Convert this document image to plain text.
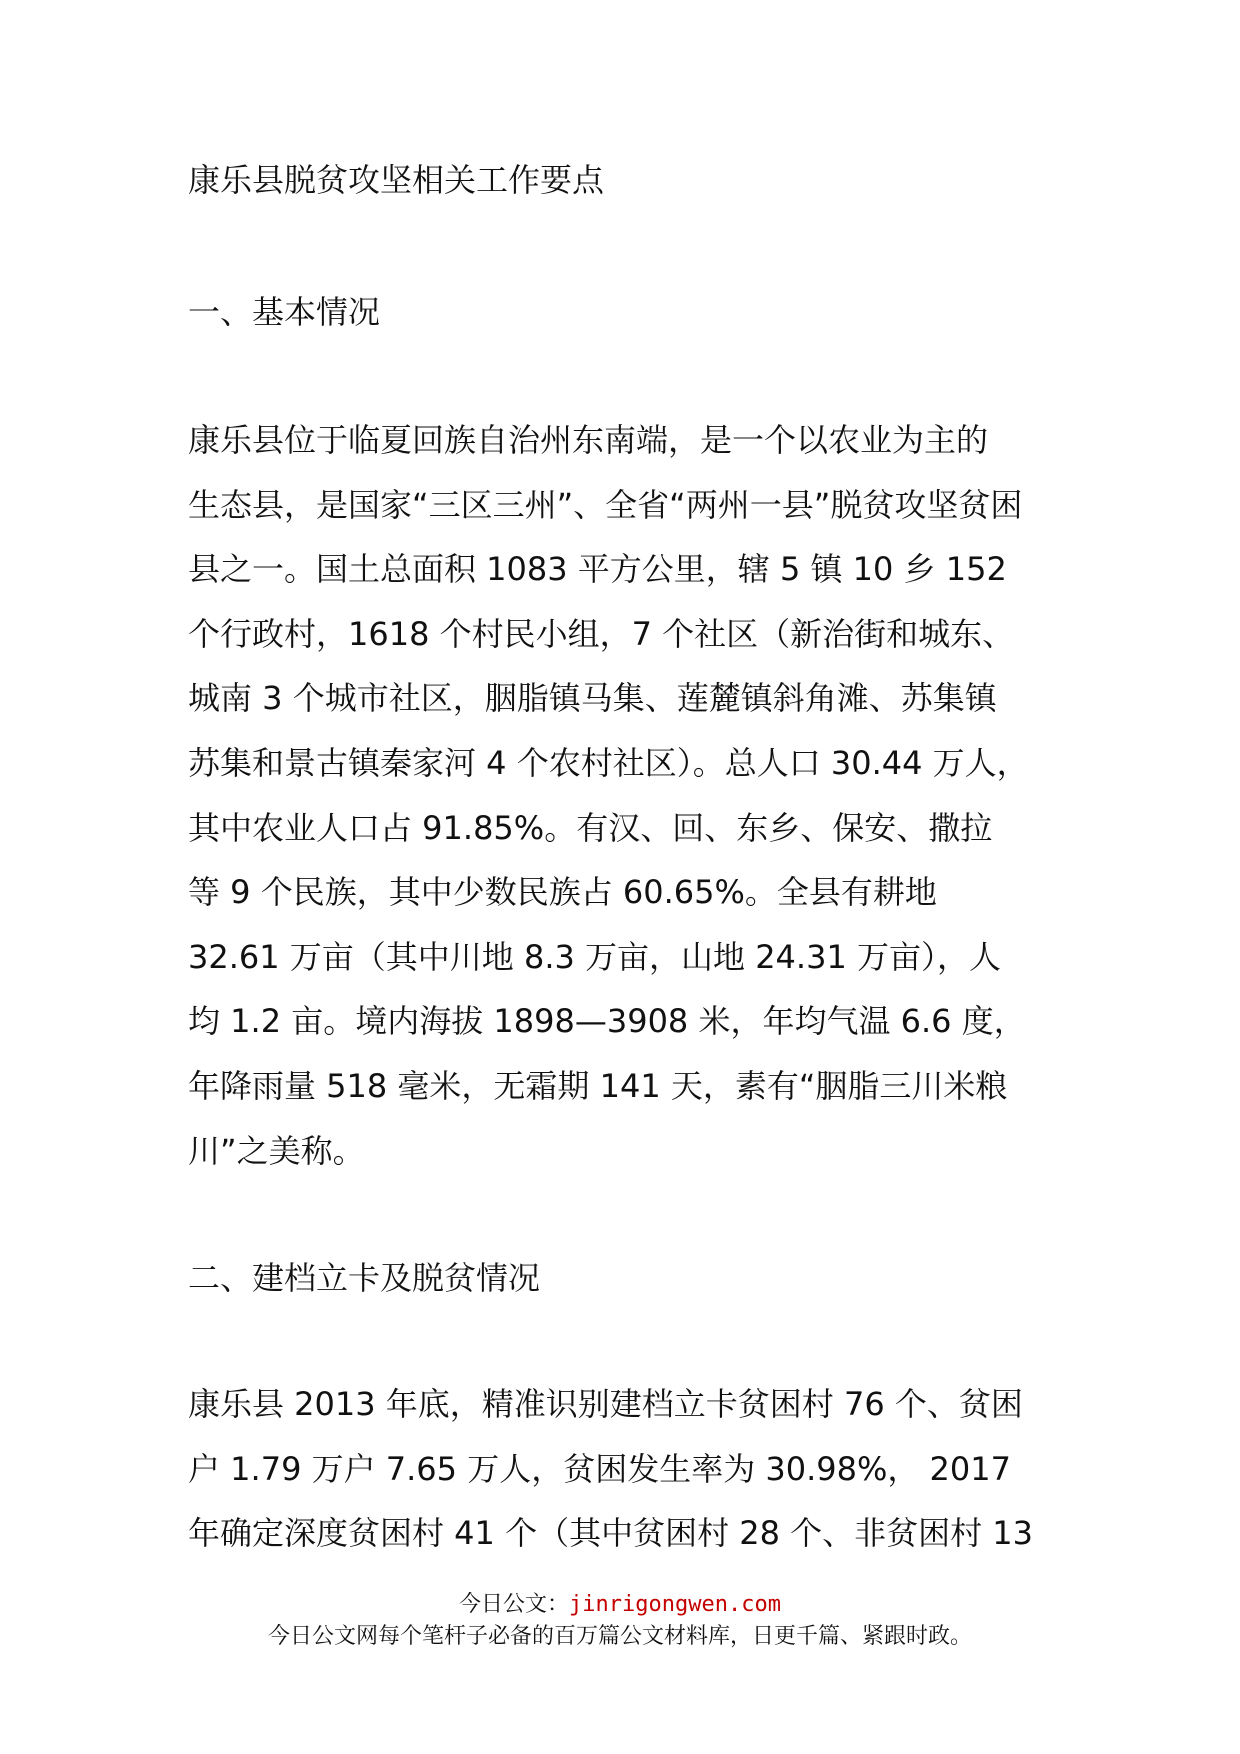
康乐县脱贫攻坚相关工作要点
一、基本情况
康乐县位于临夏回族自治州东南端，是一个以农业为主的
生态县，是国家“三区三州”、全省“两州一县”脱贫攻坚贫困
县之一。国土总面积 1083 平方公里，辖 5 镇 10 乡 152
个行政村，1618 个村民小组，7 个社区（新治街和城东、
城南 3 个城市社区，胭脂镇马集、莲麓镇斜角滩、苏集镇
苏集和景古镇秦家河 4 个农村社区）。总人口 30.44 万人，
其中农业人口占 91.85%。有汉、回、东乡、保安、撒拉
等 9 个民族，其中少数民族占 60.65%。全县有耕地
32.61 万亩（其中川地 8.3 万亩，山地 24.31 万亩），人
均 1.2 亩。境内海拔 1898—3908 米，年均气温 6.6 度，
年降雨量 518 毫米，无霜期 141 天，素有“胭脂三川米粮
川”之美称。
二、建档立卡及脱贫情况
康乐县 2013 年底，精准识别建档立卡贫困村 76 个、贫困
户 1.79 万户 7.65 万人，贫困发生率为 30.98%， 2017
年确定深度贫困村 41 个（其中贫困村 28 个、非贫困村 13
今日公文：jinrigongwen.com
今日公文网每个笔杆子必备的百万篇公文材料库，日更千篇、紧跟时政。
